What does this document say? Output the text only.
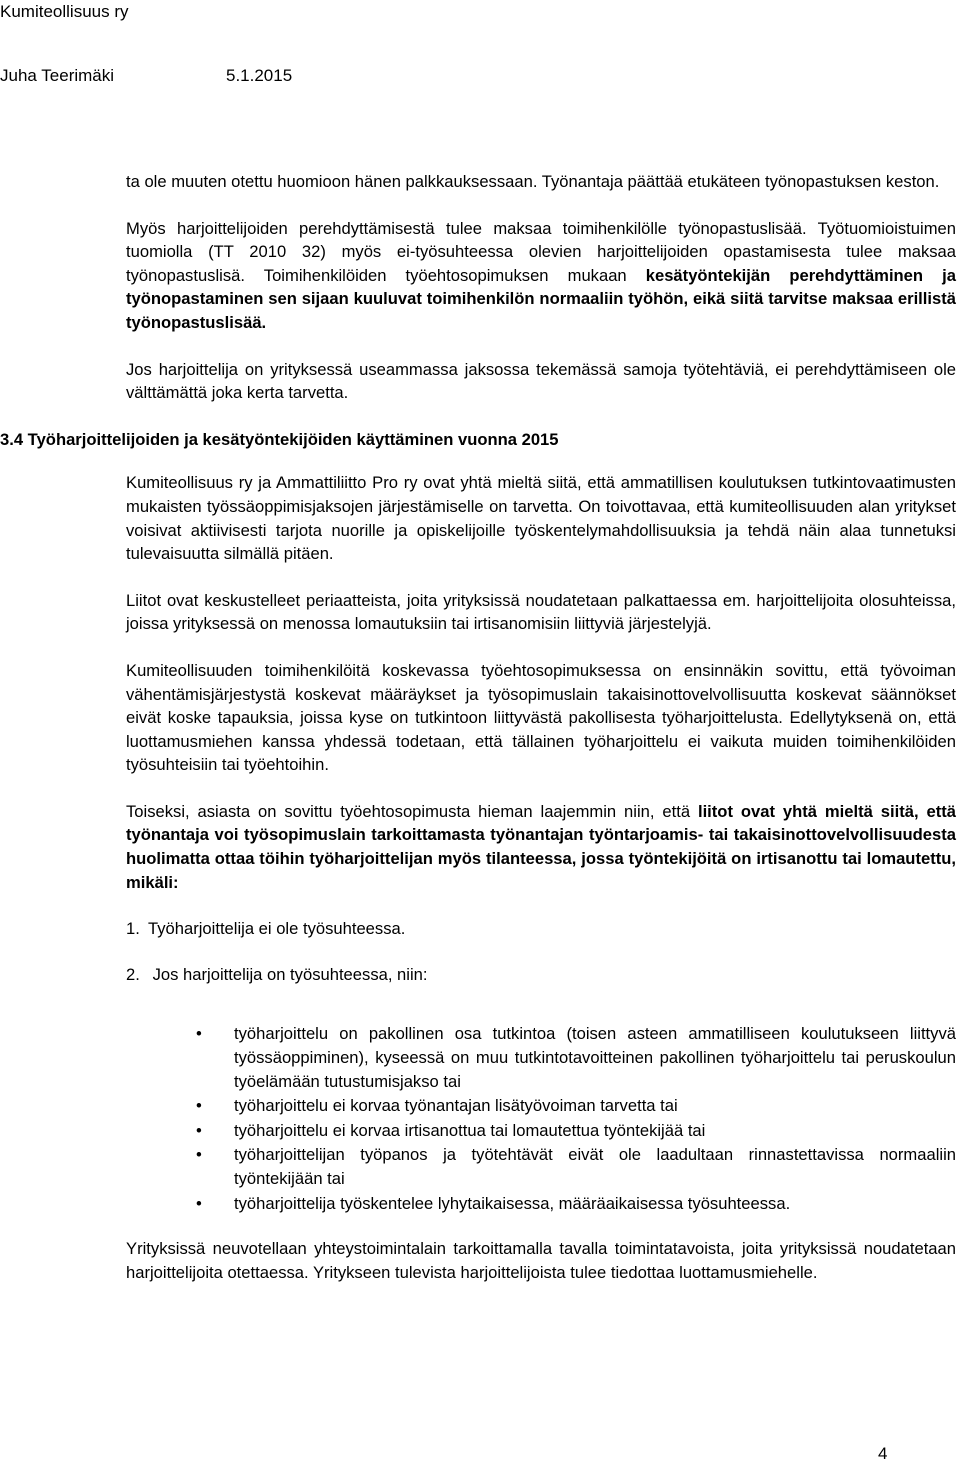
Kumiteollisuus ry
Juha Teerimäki	5.1.2015

ta ole muuten otettu huomioon hänen palkkauksessaan. Työnantaja päättää etukäteen työnopastuksen keston.

Myös harjoittelijoiden perehdyttämisestä tulee maksaa toimihenkilölle työnopastuslisää. Työtuomioistuimen tuomiolla (TT 2010 32) myös ei-työsuhteessa olevien harjoittelijoiden opastamisesta tulee maksaa työnopastuslisä. Toimihenkilöiden työehtosopimuksen mukaan kesätyöntekijän perehdyttäminen ja työnopastaminen sen sijaan kuuluvat toimihenkilön normaaliin työhön, eikä siitä tarvitse maksaa erillistä työnopastuslisää.

Jos harjoittelija on yrityksessä useammassa jaksossa tekemässä samoja työtehtäviä, ei perehdyttämiseen ole välttämättä joka kerta tarvetta.

3.4 Työharjoittelijoiden ja kesätyöntekijöiden käyttäminen vuonna 2015

Kumiteollisuus ry ja Ammattiliitto Pro ry ovat yhtä mieltä siitä, että ammatillisen koulutuksen tutkintovaatimusten mukaisten työssäoppimisjaksojen järjestämiselle on tarvetta. On toivottavaa, että kumiteollisuuden alan yritykset voisivat aktiivisesti tarjota nuorille ja opiskelijoille työskentelymahdollisuuksia ja tehdä näin alaa tunnetuksi tulevaisuutta silmällä pitäen.

Liitot ovat keskustelleet periaatteista, joita yrityksissä noudatetaan palkattaessa em. harjoittelijoita olosuhteissa, joissa yrityksessä on menossa lomautuksiin tai irtisanomisiin liittyviä järjestelyjä.

Kumiteollisuuden toimihenkilöitä koskevassa työehtosopimuksessa on ensinnäkin sovittu, että työvoiman vähentämisjärjestystä koskevat määräykset ja työsopimuslain takaisinottovelvollisuutta koskevat säännökset eivät koske tapauksia, joissa kyse on tutkintoon liittyvästä pakollisesta työharjoittelusta. Edellytyksenä on, että luottamusmiehen kanssa yhdessä todetaan, että tällainen työharjoittelu ei vaikuta muiden toimihenkilöiden työsuhteisiin tai työehtoihin.

Toiseksi, asiasta on sovittu työehtosopimusta hieman laajemmin niin, että liitot ovat yhtä mieltä siitä, että työnantaja voi työsopimuslain tarkoittamasta työnantajan työntarjoamis- tai takaisinottovelvollisuudesta huolimatta ottaa töihin työharjoittelijan myös tilanteessa, jossa työntekijöitä on irtisanottu tai lomautettu, mikäli:

1. Työharjoittelija ei ole työsuhteessa.
2. Jos harjoittelija on työsuhteessa, niin:
• työharjoittelu on pakollinen osa tutkintoa (toisen asteen ammatilliseen koulutukseen liittyvä työssäoppiminen), kyseessä on muu tutkintotavoitteinen pakollinen työharjoittelu tai peruskoulun työelämään tutustumisjakso tai
• työharjoittelu ei korvaa työnantajan lisätyövoiman tarvetta tai
• työharjoittelu ei korvaa irtisanottua tai lomautettua työntekijää tai
• työharjoittelijan työpanos ja työtehtävät eivät ole laadultaan rinnastettavissa normaaliin työntekijään tai
• työharjoittelija työskentelee lyhytaikaisessa, määräaikaisessa työsuhteessa.

Yrityksissä neuvotellaan yhteystoimintalain tarkoittamalla tavalla toimintatavoista, joita yrityksissä noudatetaan harjoittelijoita otettaessa. Yritykseen tulevista harjoittelijoista tulee tiedottaa luottamusmiehelle.

4
